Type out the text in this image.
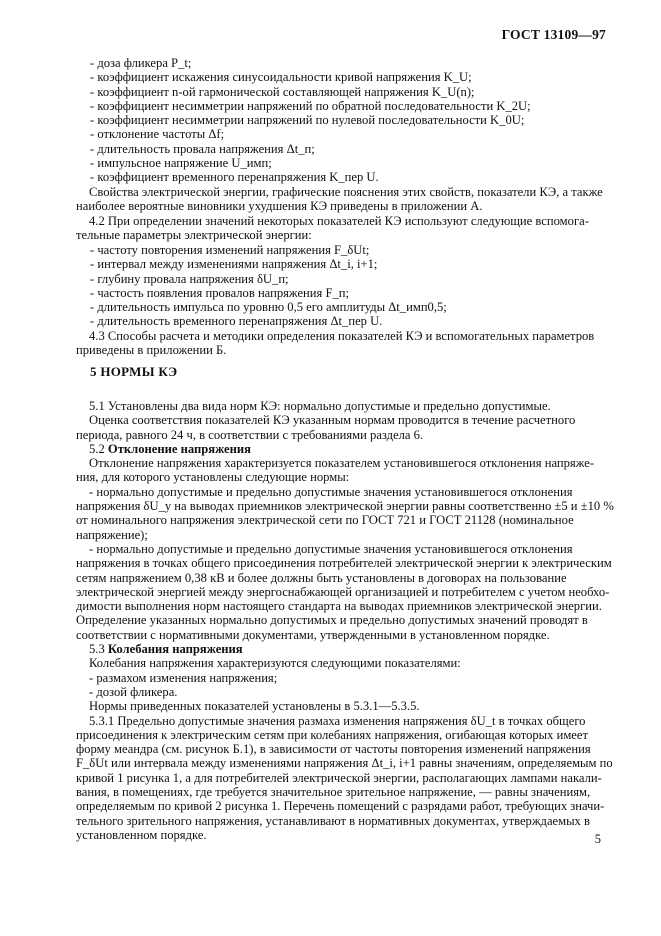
ГОСТ 13109—97
- доза фликера P_t;
- коэффициент искажения синусоидальности кривой напряжения K_U;
- коэффициент n-ой гармонической составляющей напряжения K_U(n);
- коэффициент несимметрии напряжений по обратной последовательности K_2U;
- коэффициент несимметрии напряжений по нулевой последовательности K_0U;
- отклонение частоты Δf;
- длительность провала напряжения Δt_п;
- импульсное напряжение U_имп;
- коэффициент временного перенапряжения K_пер U.
Свойства электрической энергии, графические пояснения этих свойств, показатели КЭ, а также
наиболее вероятные виновники ухудшения КЭ приведены в приложении А.
4.2 При определении значений некоторых показателей КЭ используют следующие вспомога-
тельные параметры электрической энергии:
- частоту повторения изменений напряжения F_δUt;
- интервал между изменениями напряжения Δt_i, i+1;
- глубину провала напряжения δU_п;
- частость появления провалов напряжения F_п;
- длительность импульса по уровню 0,5 его амплитуды Δt_имп0,5;
- длительность временного перенапряжения Δt_пер U.
4.3 Способы расчета и методики определения показателей КЭ и вспомогательных параметров
приведены в приложении Б.
5 НОРМЫ КЭ
5.1 Установлены два вида норм КЭ: нормально допустимые и предельно допустимые.
Оценка соответствия показателей КЭ указанным нормам проводится в течение расчетного
периода, равного 24 ч, в соответствии с требованиями раздела 6.
5.2 Отклонение напряжения
Отклонение напряжения характеризуется показателем установившегося отклонения напряже-
ния, для которого установлены следующие нормы:
- нормально допустимые и предельно допустимые значения установившегося отклонения
напряжения δU_y на выводах приемников электрической энергии равны соответственно ±5 и ±10 %
от номинального напряжения электрической сети по ГОСТ 721 и ГОСТ 21128 (номинальное
напряжение);
- нормально допустимые и предельно допустимые значения установившегося отклонения
напряжения в точках общего присоединения потребителей электрической энергии к электрическим
сетям напряжением 0,38 кВ и более должны быть установлены в договорах на пользование
электрической энергией между энергоснабжающей организацией и потребителем с учетом необхо-
димости выполнения норм настоящего стандарта на выводах приемников электрической энергии.
Определение указанных нормально допустимых и предельно допустимых значений проводят в
соответствии с нормативными документами, утвержденными в установленном порядке.
5.3 Колебания напряжения
Колебания напряжения характеризуются следующими показателями:
- размахом изменения напряжения;
- дозой фликера.
Нормы приведенных показателей установлены в 5.3.1—5.3.5.
5.3.1 Предельно допустимые значения размаха изменения напряжения δU_t в точках общего
присоединения к электрическим сетям при колебаниях напряжения, огибающая которых имеет
форму меандра (см. рисунок Б.1), в зависимости от частоты повторения изменений напряжения
F_δUt или интервала между изменениями напряжения Δt_i, i+1 равны значениям, определяемым по
кривой 1 рисунка 1, а для потребителей электрической энергии, располагающих лампами накали-
вания, в помещениях, где требуется значительное зрительное напряжение, — равны значениям,
определяемым по кривой 2 рисунка 1. Перечень помещений с разрядами работ, требующих значи-
тельного зрительного напряжения, устанавливают в нормативных документах, утверждаемых в
установленном порядке.	5
